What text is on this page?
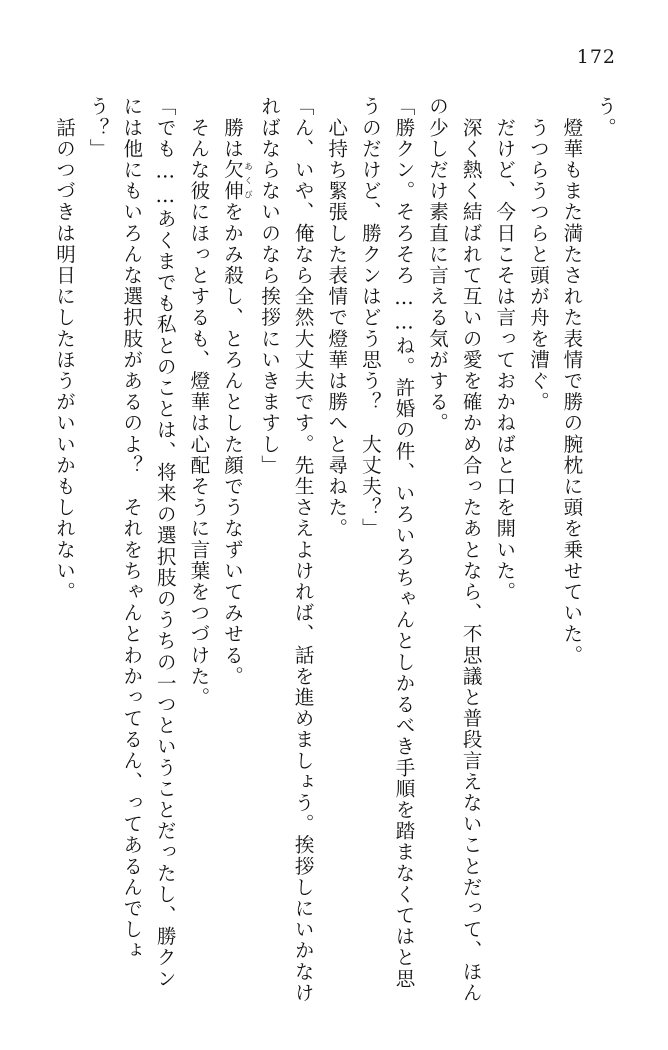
172

う。

　燈華もまた満たされた表情で勝の腕枕に頭を乗せていた。

　うつらうつらと頭が舟を漕ぐ。

　だけど、今日こそは言っておかねばと口を開いた。

　深く熱く結ばれて互いの愛を確かめ合ったあとなら、不思議と普段言えないことだって、ほんの少しだけ素直に言える気がする。

「勝クン。そろそろ……ね。許婚の件、いろいろちゃんとしかるべき手順を踏まなくてはと思うのだけど、勝クンはどう思う？　大丈夫？」

　心持ち緊張した表情で燈華は勝へと尋ねた。

「ん、いや、俺なら全然大丈夫です。先生さえよければ、話を進めましょう。挨拶しにいかなければならないのなら挨拶にいきますし」

　勝は欠伸あくびをかみ殺し、とろんとした顔でうなずいてみせる。

　そんな彼にほっとするも、燈華は心配そうに言葉をつづけた。

「でも……あくまでも私とのことは、将来の選択肢のうちの一つということだったし、勝クンには他にもいろんな選択肢があるのよ？　それをちゃんとわかってるん、ってあるんでしょう？」

　話のつづきは明日にしたほうがいいかもしれない。
